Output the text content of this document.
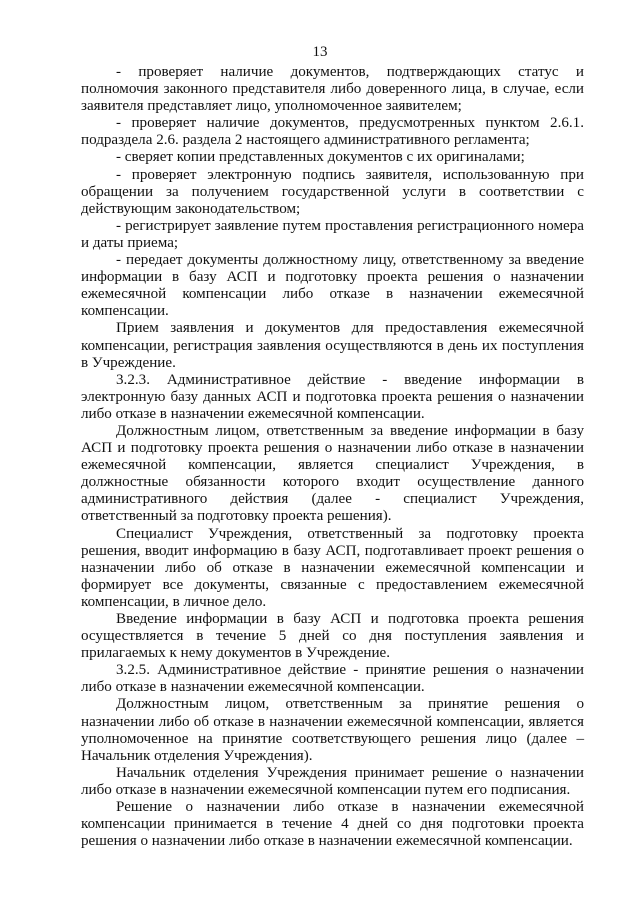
13

- проверяет наличие документов, подтверждающих статус и полномочия законного представителя либо доверенного лица, в случае, если заявителя представляет лицо, уполномоченное заявителем;

- проверяет наличие документов, предусмотренных пунктом 2.6.1. подраздела 2.6. раздела 2 настоящего административного регламента;

- сверяет копии представленных документов с их оригиналами;

- проверяет электронную подпись заявителя, использованную при обращении за получением государственной услуги в соответствии с действующим законодательством;

- регистрирует заявление путем проставления регистрационного номера и даты приема;

- передает документы должностному лицу, ответственному за введение информации в базу АСП и подготовку проекта решения о назначении ежемесячной компенсации либо отказе в назначении ежемесячной компенсации.

Прием заявления и документов для предоставления ежемесячной компенсации, регистрация заявления осуществляются в день их поступления в Учреждение.

3.2.3. Административное действие - введение информации в электронную базу данных АСП и подготовка проекта решения о назначении либо отказе в назначении ежемесячной компенсации.

Должностным лицом, ответственным за введение информации в базу АСП и подготовку проекта решения о назначении либо отказе в назначении ежемесячной компенсации, является специалист Учреждения, в должностные обязанности которого входит осуществление данного административного действия (далее - специалист Учреждения, ответственный за подготовку проекта решения).

Специалист Учреждения, ответственный за подготовку проекта решения, вводит информацию в базу АСП, подготавливает проект решения о назначении либо об отказе в назначении ежемесячной компенсации и формирует все документы, связанные с предоставлением ежемесячной компенсации, в личное дело.

Введение информации в базу АСП и подготовка проекта решения осуществляется в течение 5 дней со дня поступления заявления и прилагаемых к нему документов в Учреждение.

3.2.5. Административное действие - принятие решения о назначении либо отказе в назначении ежемесячной компенсации.

Должностным лицом, ответственным за принятие решения о назначении либо об отказе в назначении ежемесячной компенсации, является уполномоченное на принятие соответствующего решения лицо (далее – Начальник отделения Учреждения).

Начальник отделения Учреждения принимает решение о назначении либо отказе в назначении ежемесячной компенсации путем его подписания.

Решение о назначении либо отказе в назначении ежемесячной компенсации принимается в течение 4 дней со дня подготовки проекта решения о назначении либо отказе в назначении ежемесячной компенсации.
